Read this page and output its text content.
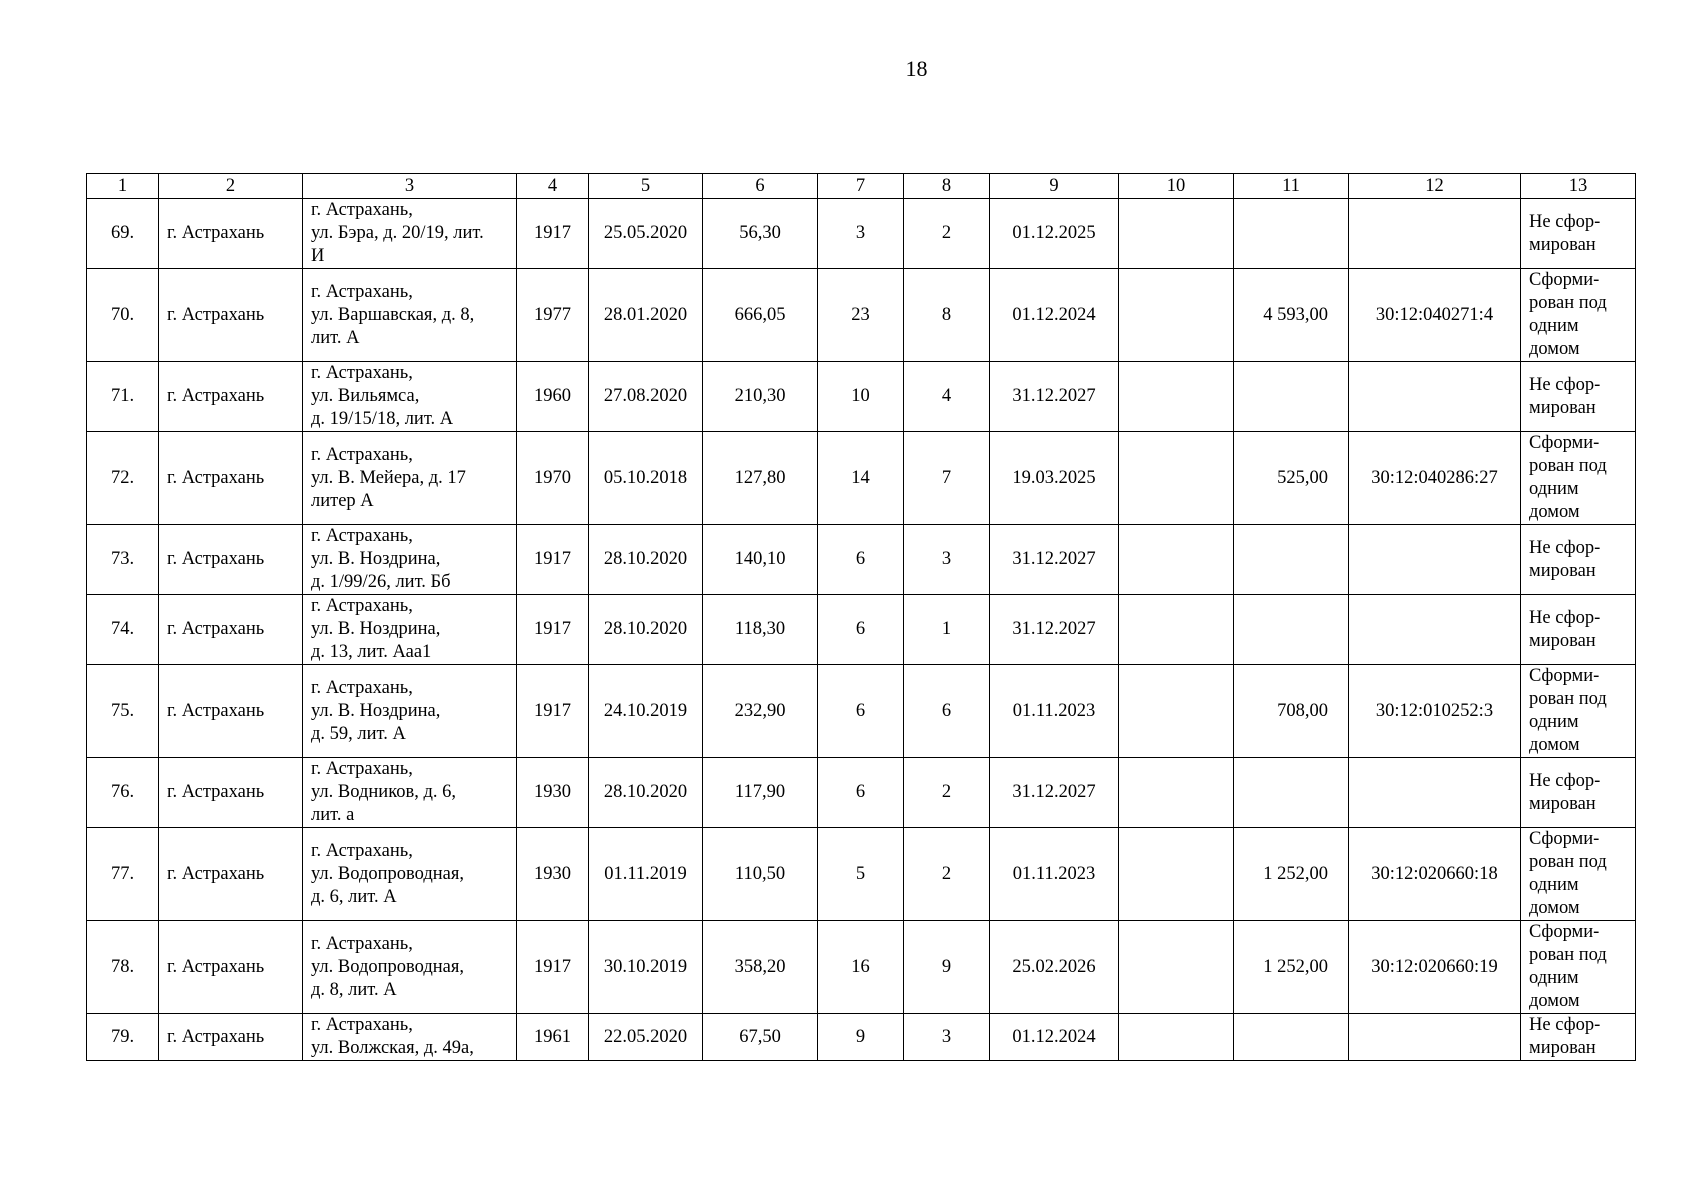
18
1	2	3	4	5	6	7	8	9	10	11	12	13
69.	г. Астрахань	г. Астрахань,
ул. Бэра, д. 20/19, лит.
И	1917	25.05.2020	56,30	3	2	01.12.2025				Не сфор-
мирован

70.	г. Астрахань	г. Астрахань,
ул. Варшавская, д. 8,
лит. А	1977	28.01.2020	666,05	23	8	01.12.2024		4 593,00	30:12:040271:4	Сформи-
рован под
одним
домом

71.	г. Астрахань	г. Астрахань,
ул. Вильямса,
д. 19/15/18, лит. А	1960	27.08.2020	210,30	10	4	31.12.2027				Не сфор-
мирован

72.	г. Астрахань	г. Астрахань,
ул. В. Мейера, д. 17
литер А	1970	05.10.2018	127,80	14	7	19.03.2025		525,00	30:12:040286:27	Сформи-
рован под
одним
домом

73.	г. Астрахань	г. Астрахань,
ул. В. Ноздрина,
д. 1/99/26, лит. Бб	1917	28.10.2020	140,10	6	3	31.12.2027				Не сфор-
мирован

74.	г. Астрахань	г. Астрахань,
ул. В. Ноздрина,
д. 13, лит. Ааа1	1917	28.10.2020	118,30	6	1	31.12.2027				Не сфор-
мирован

75.	г. Астрахань	г. Астрахань,
ул. В. Ноздрина,
д. 59, лит. А	1917	24.10.2019	232,90	6	6	01.11.2023		708,00	30:12:010252:3	Сформи-
рован под
одним
домом

76.	г. Астрахань	г. Астрахань,
ул. Водников, д. 6,
лит. а	1930	28.10.2020	117,90	6	2	31.12.2027				Не сфор-
мирован

77.	г. Астрахань	г. Астрахань,
ул. Водопроводная,
д. 6, лит. А	1930	01.11.2019	110,50	5	2	01.11.2023		1 252,00	30:12:020660:18	Сформи-
рован под
одним
домом

78.	г. Астрахань	г. Астрахань,
ул. Водопроводная,
д. 8, лит. А	1917	30.10.2019	358,20	16	9	25.02.2026		1 252,00	30:12:020660:19	Сформи-
рован под
одним
домом

79.	г. Астрахань	г. Астрахань,
ул. Волжская, д. 49а,	1961	22.05.2020	67,50	9	3	01.12.2024				Не сфор-
мирован
